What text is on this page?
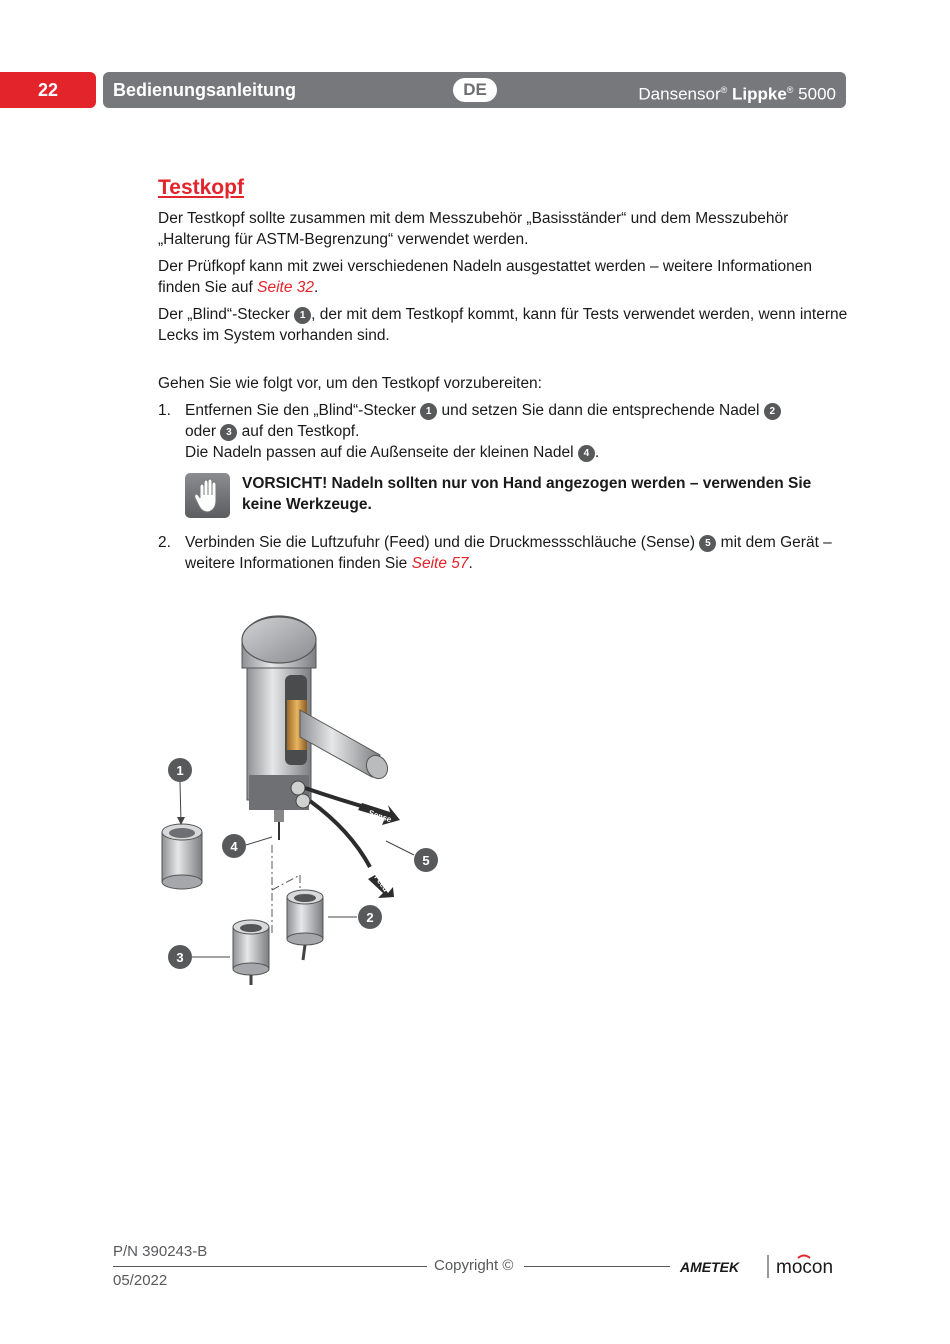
22	Bedienungsanleitung	DE	Dansensor® Lippke® 5000
Testkopf

Der Testkopf sollte zusammen mit dem Messzubehör „Basisständer“ und dem Messzubehör „Halterung für ASTM-Begrenzung“ verwendet werden.

Der Prüfkopf kann mit zwei verschiedenen Nadeln ausgestattet werden – weitere Informationen finden Sie auf Seite 32.

Der „Blind“-Stecker 1 , der mit dem Testkopf kommt, kann für Tests verwendet werden, wenn interne Lecks im System vorhanden sind.

Gehen Sie wie folgt vor, um den Testkopf vorzubereiten:

1. Entfernen Sie den „Blind“-Stecker 1 und setzen Sie dann die entsprechende Nadel 2
oder 3 auf den Testkopf.
Die Nadeln passen auf die Außenseite der kleinen Nadel 4 .
VORSICHT! Nadeln sollten nur von Hand angezogen werden – verwenden Sie keine Werkzeuge.
2. Verbinden Sie die Luftzufuhr (Feed) und die Druckmessschläuche (Sense) 5 mit dem Gerät – weitere Informationen finden Sie Seite 57.
Sense
Feed
1
2
3
4
5
P/N 390243-B
Copyright ©
05/2022
AMETEK mocon
